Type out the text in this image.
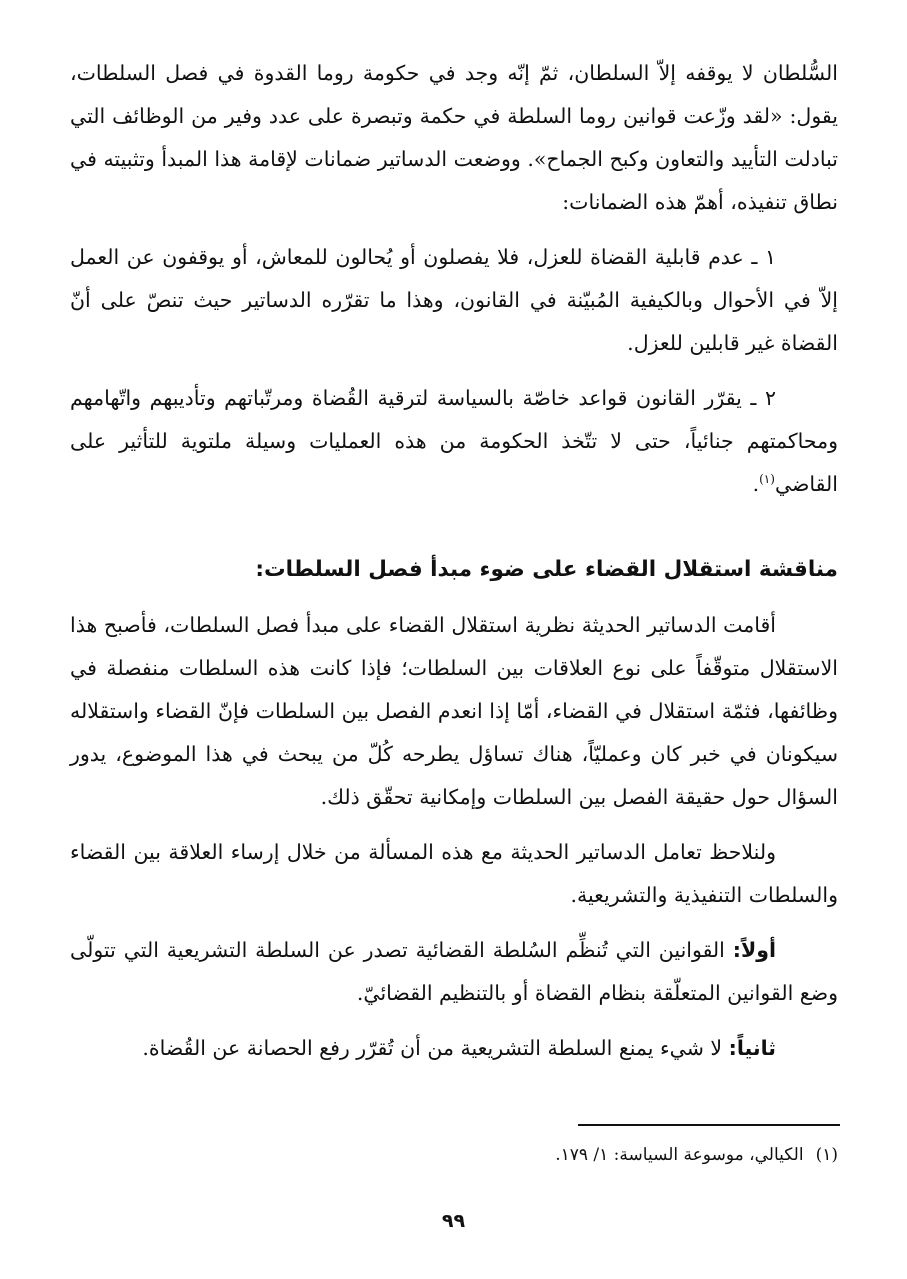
السُّلطان لا يوقفه إلاّ السلطان، ثمّ إنّه وجد في حكومة روما القدوة في فصل السلطات، يقول: «لقد وزّعت قوانين روما السلطة في حكمة وتبصرة على عدد وفير من الوظائف التي تبادلت التأييد والتعاون وكبح الجماح». ووضعت الدساتير ضمانات لإقامة هذا المبدأ وتثبيته في نطاق تنفيذه، أهمّ هذه الضمانات:

١ ـ عدم قابلية القضاة للعزل، فلا يفصلون أو يُحالون للمعاش، أو يوقفون عن العمل إلاّ في الأحوال وبالكيفية المُبيّنة في القانون، وهذا ما تقرّره الدساتير حيث تنصّ على أنّ القضاة غير قابلين للعزل.

٢ ـ يقرّر القانون قواعد خاصّة بالسياسة لترقية القُضاة ومرتّباتهم وتأديبهم واتّهامهم ومحاكمتهم جنائياً، حتى لا تتّخذ الحكومة من هذه العمليات وسيلة ملتوية للتأثير على القاضي$^{(١)}$.

مناقشة استقلال القضاء على ضوء مبدأ فصل السلطات:

أقامت الدساتير الحديثة نظرية استقلال القضاء على مبدأ فصل السلطات، فأصبح هذا الاستقلال متوقّفاً على نوع العلاقات بين السلطات؛ فإذا كانت هذه السلطات منفصلة في وظائفها، فثمّة استقلال في القضاء، أمّا إذا انعدم الفصل بين السلطات فإنّ القضاء واستقلاله سيكونان في خبر كان وعمليّاً، هناك تساؤل يطرحه كُلّ من يبحث في هذا الموضوع، يدور السؤال حول حقيقة الفصل بين السلطات وإمكانية تحقّق ذلك.

ولنلاحظ تعامل الدساتير الحديثة مع هذه المسألة من خلال إرساء العلاقة بين القضاء والسلطات التنفيذية والتشريعية.

أولاً: القوانين التي تُنظِّم السُلطة القضائية تصدر عن السلطة التشريعية التي تتولّى وضع القوانين المتعلّقة بنظام القضاة أو بالتنظيم القضائيّ.

ثانياً: لا شيء يمنع السلطة التشريعية من أن تُقرّر رفع الحصانة عن القُضاة.

(١)الكيالي، موسوعة السياسة: ١/ ١٧٩.

٩٩
